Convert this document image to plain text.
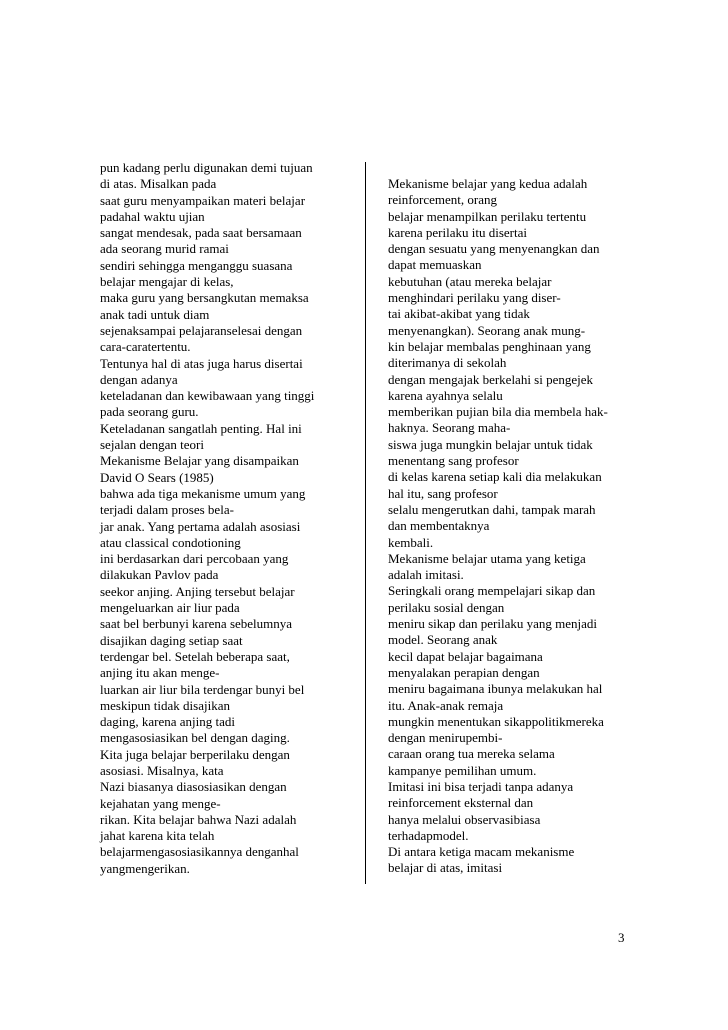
pun kadang perlu digunakan demi tujuan
di atas. Misalkan pada
saat guru menyampaikan materi belajar
padahal waktu ujian
sangat mendesak, pada saat bersamaan
ada seorang murid ramai
sendiri sehingga menganggu suasana
belajar mengajar di kelas,
maka guru yang bersangkutan memaksa
anak tadi untuk diam
sejenaksampai pelajaranselesai dengan
cara-caratertentu.
Tentunya hal di atas juga harus disertai
dengan adanya
keteladanan dan kewibawaan yang tinggi
pada seorang guru.
Keteladanan sangatlah penting. Hal ini
sejalan dengan teori
Mekanisme Belajar yang disampaikan
David O Sears (1985)
bahwa ada tiga mekanisme umum yang
terjadi dalam proses bela-
jar anak. Yang pertama adalah asosiasi
atau classical condotioning
ini berdasarkan dari percobaan yang
dilakukan Pavlov pada
seekor anjing. Anjing tersebut belajar
mengeluarkan air liur pada
saat bel berbunyi karena sebelumnya
disajikan daging setiap saat
terdengar bel. Setelah beberapa saat,
anjing itu akan menge-
luarkan air liur bila terdengar bunyi bel
meskipun tidak disajikan
daging, karena anjing tadi
mengasosiasikan bel dengan daging.
Kita juga belajar berperilaku dengan
asosiasi. Misalnya, kata
Nazi biasanya diasosiasikan dengan
kejahatan yang menge-
rikan. Kita belajar bahwa Nazi adalah
jahat karena kita telah
belajarmengasosiasikannya denganhal
yangmengerikan.
Mekanisme belajar yang kedua adalah
reinforcement, orang
belajar menampilkan perilaku tertentu
karena perilaku itu disertai
dengan sesuatu yang menyenangkan dan
dapat memuaskan
kebutuhan (atau mereka belajar
menghindari perilaku yang diser-
tai akibat-akibat yang tidak
menyenangkan). Seorang anak mung-
kin belajar membalas penghinaan yang
diterimanya di sekolah
dengan mengajak berkelahi si pengejek
karena ayahnya selalu
memberikan pujian bila dia membela hak-
haknya. Seorang maha-
siswa juga mungkin belajar untuk tidak
menentang sang profesor
di kelas karena setiap kali dia melakukan
hal itu, sang profesor
selalu mengerutkan dahi, tampak marah
dan membentaknya
kembali.
Mekanisme belajar utama yang ketiga
adalah imitasi.
Seringkali orang mempelajari sikap dan
perilaku sosial dengan
meniru sikap dan perilaku yang menjadi
model. Seorang anak
kecil dapat belajar bagaimana
menyalakan perapian dengan
meniru bagaimana ibunya melakukan hal
itu. Anak-anak remaja
mungkin menentukan sikappolitikmereka
dengan menirupembi-
caraan orang tua mereka selama
kampanye pemilihan umum.
Imitasi ini bisa terjadi tanpa adanya
reinforcement eksternal dan
hanya melalui observasibiasa
terhadapmodel.
Di antara ketiga macam mekanisme
belajar di atas, imitasi
3
